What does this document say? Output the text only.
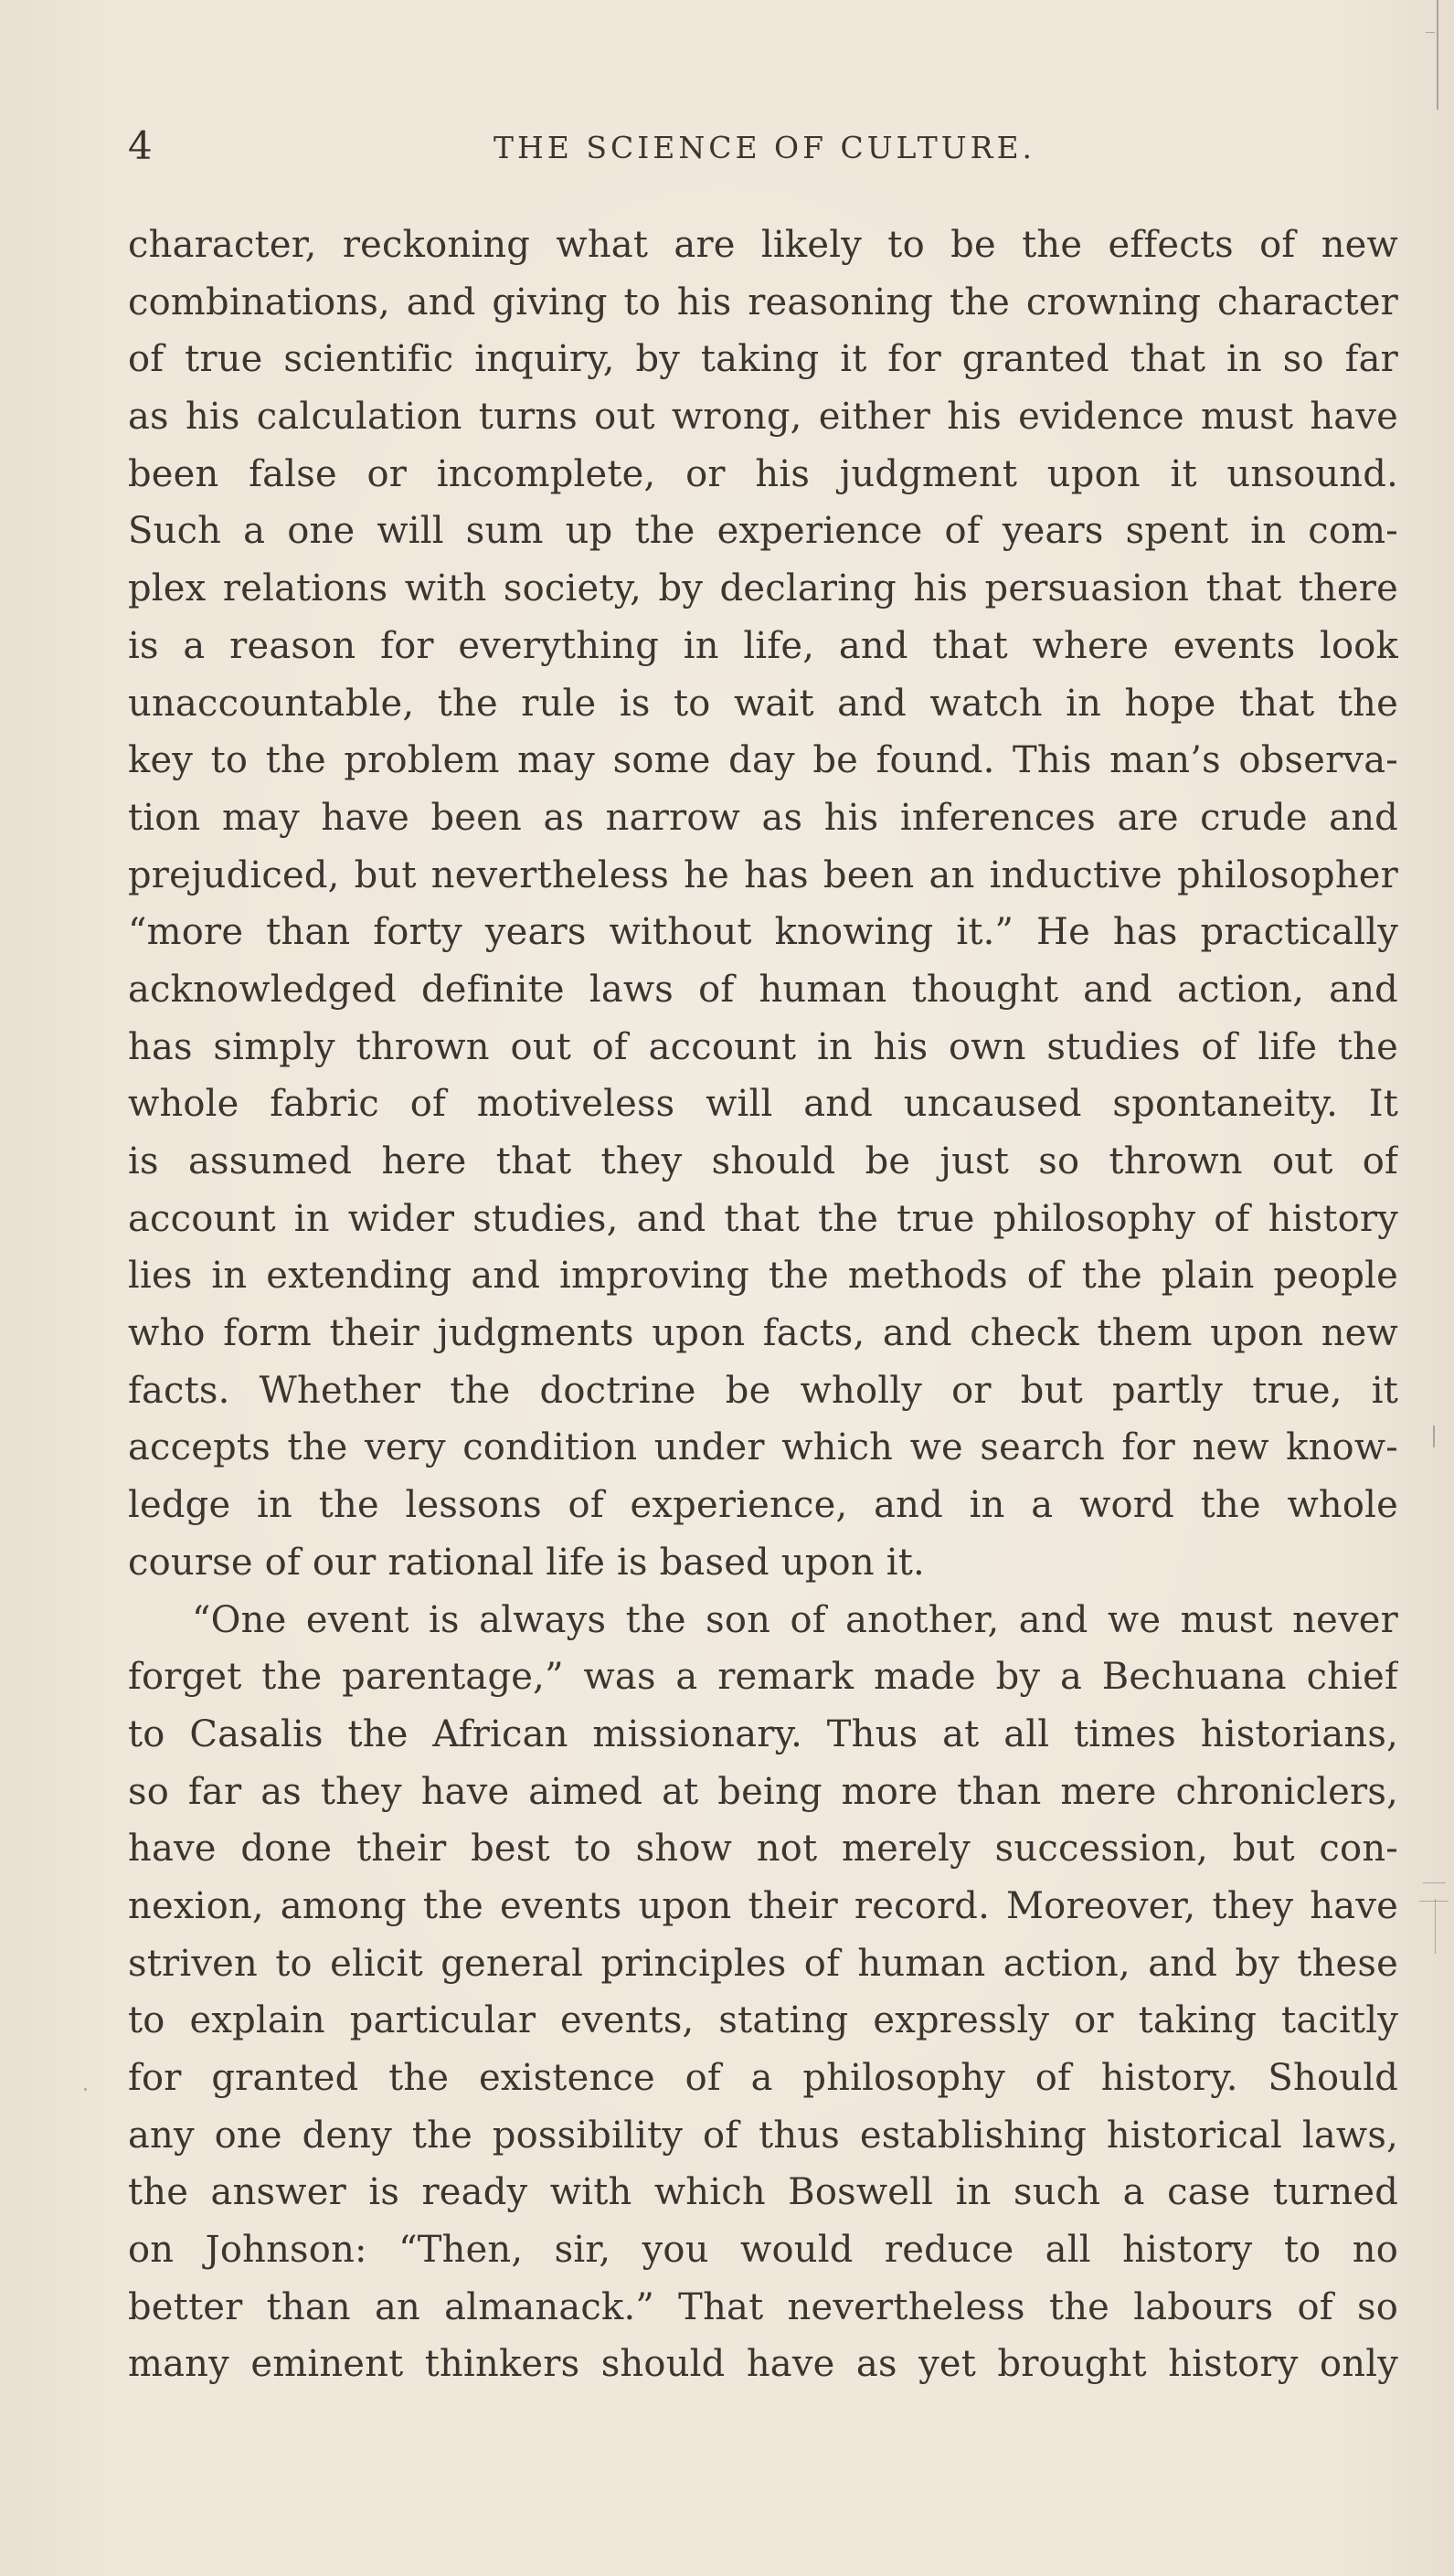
4	THE SCIENCE OF CULTURE.
character, reckoning what are likely to be the effects of new
combinations, and giving to his reasoning the crowning character
of true scientific inquiry, by taking it for granted that in so far
as his calculation turns out wrong, either his evidence must have
been false or incomplete, or his judgment upon it unsound.
Such a one will sum up the experience of years spent in com-
plex relations with society, by declaring his persuasion that there
is a reason for everything in life, and that where events look
unaccountable, the rule is to wait and watch in hope that the
key to the problem may some day be found. This man’s observa-
tion may have been as narrow as his inferences are crude and
prejudiced, but nevertheless he has been an inductive philosopher
“more than forty years without knowing it.” He has practically
acknowledged definite laws of human thought and action, and
has simply thrown out of account in his own studies of life the
whole fabric of motiveless will and uncaused spontaneity. It
is assumed here that they should be just so thrown out of
account in wider studies, and that the true philosophy of history
lies in extending and improving the methods of the plain people
who form their judgments upon facts, and check them upon new
facts. Whether the doctrine be wholly or but partly true, it
accepts the very condition under which we search for new know-
ledge in the lessons of experience, and in a word the whole
course of our rational life is based upon it.
“One event is always the son of another, and we must never
forget the parentage,” was a remark made by a Bechuana chief
to Casalis the African missionary. Thus at all times historians,
so far as they have aimed at being more than mere chroniclers,
have done their best to show not merely succession, but con-
nexion, among the events upon their record. Moreover, they have
striven to elicit general principles of human action, and by these
to explain particular events, stating expressly or taking tacitly
for granted the existence of a philosophy of history. Should
any one deny the possibility of thus establishing historical laws,
the answer is ready with which Boswell in such a case turned
on Johnson: “Then, sir, you would reduce all history to no
better than an almanack.” That nevertheless the labours of so
many eminent thinkers should have as yet brought history only
